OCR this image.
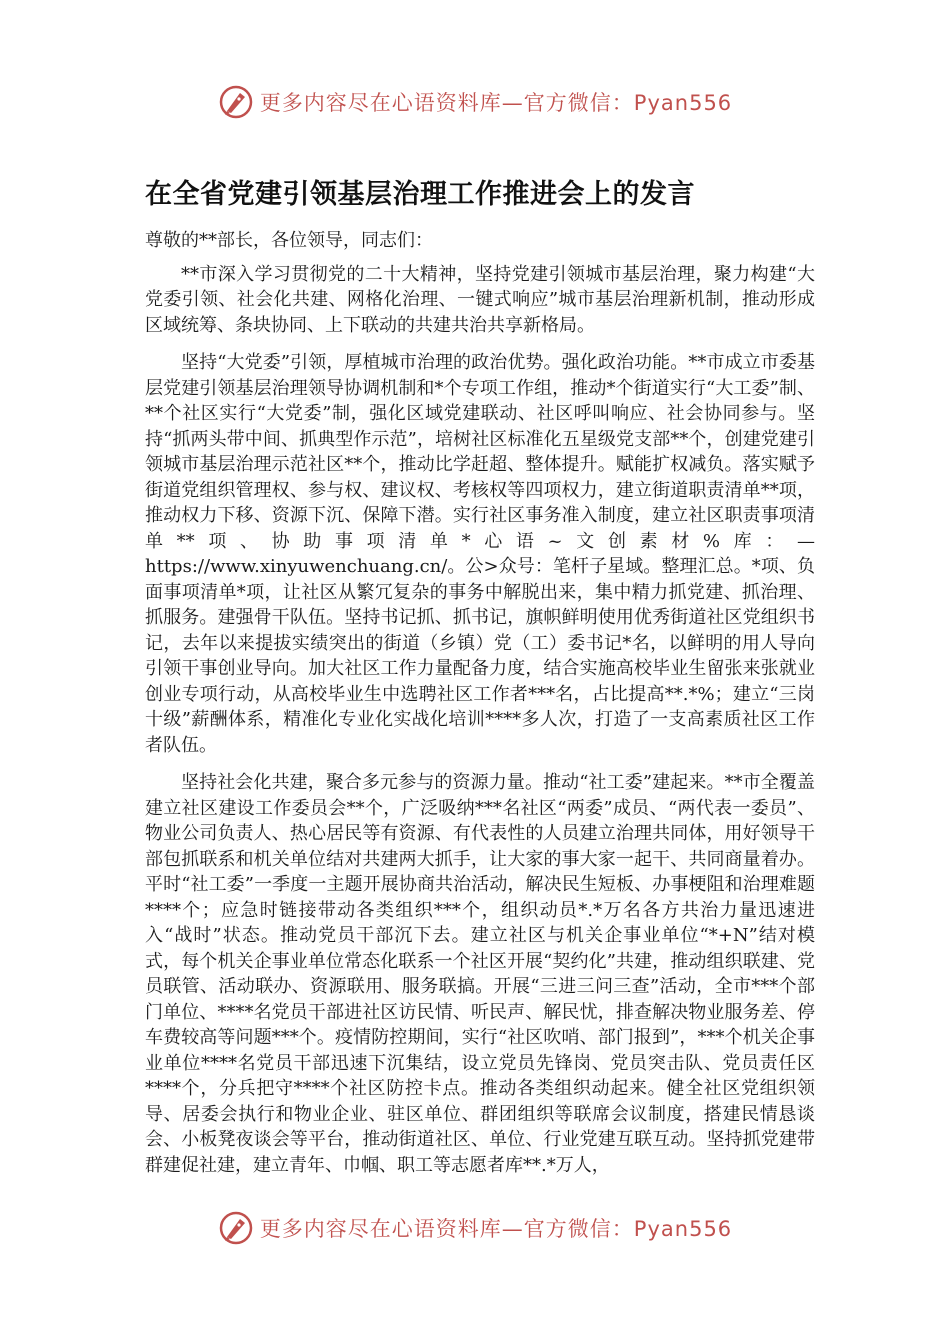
更多内容尽在心语资料库—官方微信：Pyan556
在全省党建引领基层治理工作推进会上的发言

尊敬的**部长，各位领导，同志们：

**市深入学习贯彻党的二十大精神，坚持党建引领城市基层治理，聚力构建“大党委引领、社会化共建、网格化治理、一键式响应”城市基层治理新机制，推动形成区域统筹、条块协同、上下联动的共建共治共享新格局。

坚持“大党委”引领，厚植城市治理的政治优势。强化政治功能。**市成立市委基层党建引领基层治理领导协调机制和*个专项工作组，推动*个街道实行“大工委”制、**个社区实行“大党委”制，强化区域党建联动、社区呼叫响应、社会协同参与。坚持“抓两头带中间、抓典型作示范”，培树社区标准化五星级党支部**个，创建党建引领城市基层治理示范社区**个，推动比学赶超、整体提升。赋能扩权减负。落实赋予街道党组织管理权、参与权、建议权、考核权等四项权力，建立街道职责清单**项，推动权力下移、资源下沉、保障下潜。实行社区事务准入制度，建立社区职责事项清单**项、协助事项清单*心语~文创素材%库：—https://www.xinyuwenchuang.cn/。公>众号：笔杆子星域。整理汇总。*项、负面事项清单*项，让社区从繁冗复杂的事务中解脱出来，集中精力抓党建、抓治理、抓服务。建强骨干队伍。坚持书记抓、抓书记，旗帜鲜明使用优秀街道社区党组织书记，去年以来提拔实绩突出的街道（乡镇）党（工）委书记*名，以鲜明的用人导向引领干事创业导向。加大社区工作力量配备力度，结合实施高校毕业生留张来张就业创业专项行动，从高校毕业生中选聘社区工作者***名，占比提高**.*%；建立“三岗十级”薪酬体系，精准化专业化实战化培训****多人次，打造了一支高素质社区工作者队伍。

坚持社会化共建，聚合多元参与的资源力量。推动“社工委”建起来。**市全覆盖建立社区建设工作委员会**个，广泛吸纳***名社区“两委”成员、“两代表一委员”、物业公司负责人、热心居民等有资源、有代表性的人员建立治理共同体，用好领导干部包抓联系和机关单位结对共建两大抓手，让大家的事大家一起干、共同商量着办。平时“社工委”一季度一主题开展协商共治活动，解决民生短板、办事梗阻和治理难题****个；应急时链接带动各类组织***个，组织动员*.*万名各方共治力量迅速进入“战时”状态。推动党员干部沉下去。建立社区与机关企事业单位“*+N”结对模式，每个机关企事业单位常态化联系一个社区开展“契约化”共建，推动组织联建、党员联管、活动联办、资源联用、服务联搞。开展“三进三问三查”活动，全市***个部门单位、****名党员干部进社区访民情、听民声、解民忧，排查解决物业服务差、停车费较高等问题***个。疫情防控期间，实行“社区吹哨、部门报到”，***个机关企事业单位****名党员干部迅速下沉集结，设立党员先锋岗、党员突击队、党员责任区****个，分兵把守****个社区防控卡点。推动各类组织动起来。健全社区党组织领导、居委会执行和物业企业、驻区单位、群团组织等联席会议制度，搭建民情恳谈会、小板凳夜谈会等平台，推动街道社区、单位、行业党建互联互动。坚持抓党建带群建促社建，建立青年、巾帼、职工等志愿者库**.*万人，

更多内容尽在心语资料库—官方微信：Pyan556
